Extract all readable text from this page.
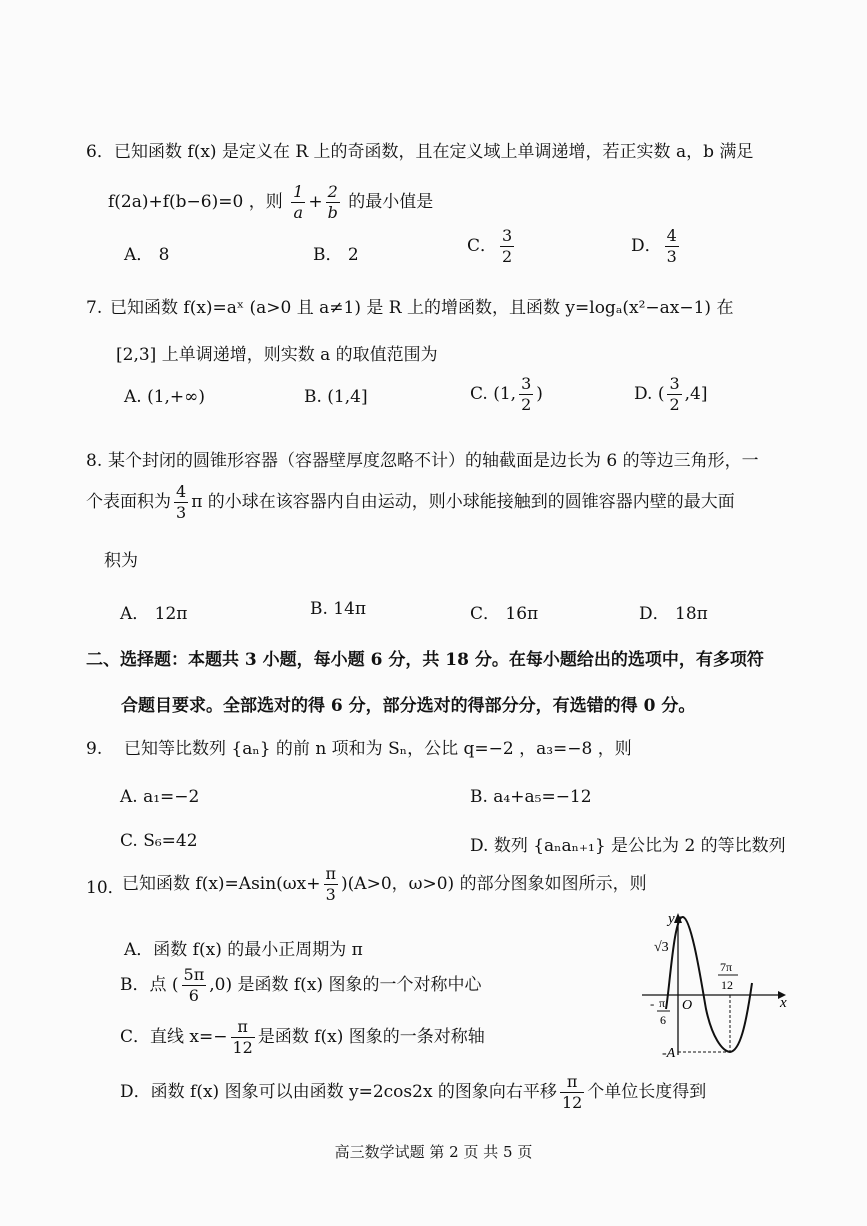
6． 已知函数 f(x) 是定义在 R 上的奇函数，且在定义域上单调递增，若正实数 a，b 满足
f(2a)+f(b−6)=0 ，则 $\frac{1}{a} + \frac{2}{b}$ 的最小值是
A． 8	B． 2	C． $\frac{3}{2}$	D． $\frac{4}{3}$
7. 已知函数 f(x)=aˣ (a>0 且 a≠1) 是 R 上的增函数，且函数 y=logₐ(x²−ax−1) 在
[2,3] 上单调递增，则实数 a 的取值范围为
A. (1,+∞)	B. (1,4]	C. (1, $\frac{3}{2}$ )	D. ( $\frac{3}{2} ,4$]
8. 某个封闭的圆锥形容器（容器壁厚度忽略不计）的轴截面是边长为 6 的等边三角形，一
个表面积为 $\frac{4}{3}$ π 的小球在该容器内自由运动，则小球能接触到的圆锥容器内壁的最大面
积为
A． 12π	B. 14π	C． 16π	D． 18π
二、选择题：本题共 3 小题，每小题 6 分，共 18 分。在每小题给出的选项中，有多项符
合题目要求。全部选对的得 6 分，部分选对的得部分分，有选错的得 0 分。
9. 已知等比数列 {aₙ} 的前 n 项和为 Sₙ，公比 q=−2 ，a₃=−8 ，则
A. a₁=−2	B. a₄+a₅=−12
C. S₆=42	D. 数列 {aₙaₙ₊₁} 是公比为 2 的等比数列
10．
已知函数 $f(x)=Asin(\omega x+ \frac{\pi}{3} )(A>0$，ω>0) 的部分图象如图所示，则
A．函数 f(x) 的最小正周期为 π
B．点 ( $\frac{5\pi}{6} ,0$) 是函数 f(x) 图象的一个对称中心
C．直线 $x=- \frac{\pi}{12}$ 是函数 f(x) 图象的一条对称轴
D．函数 f(x) 图象可以由函数 y=2cos2x 的图象向右平移 $\frac{\pi}{12}$ 个单位长度得到
y
x
O
√3
-A
- π
6
7π
12
高三数学试题 第 2 页 共 5 页
